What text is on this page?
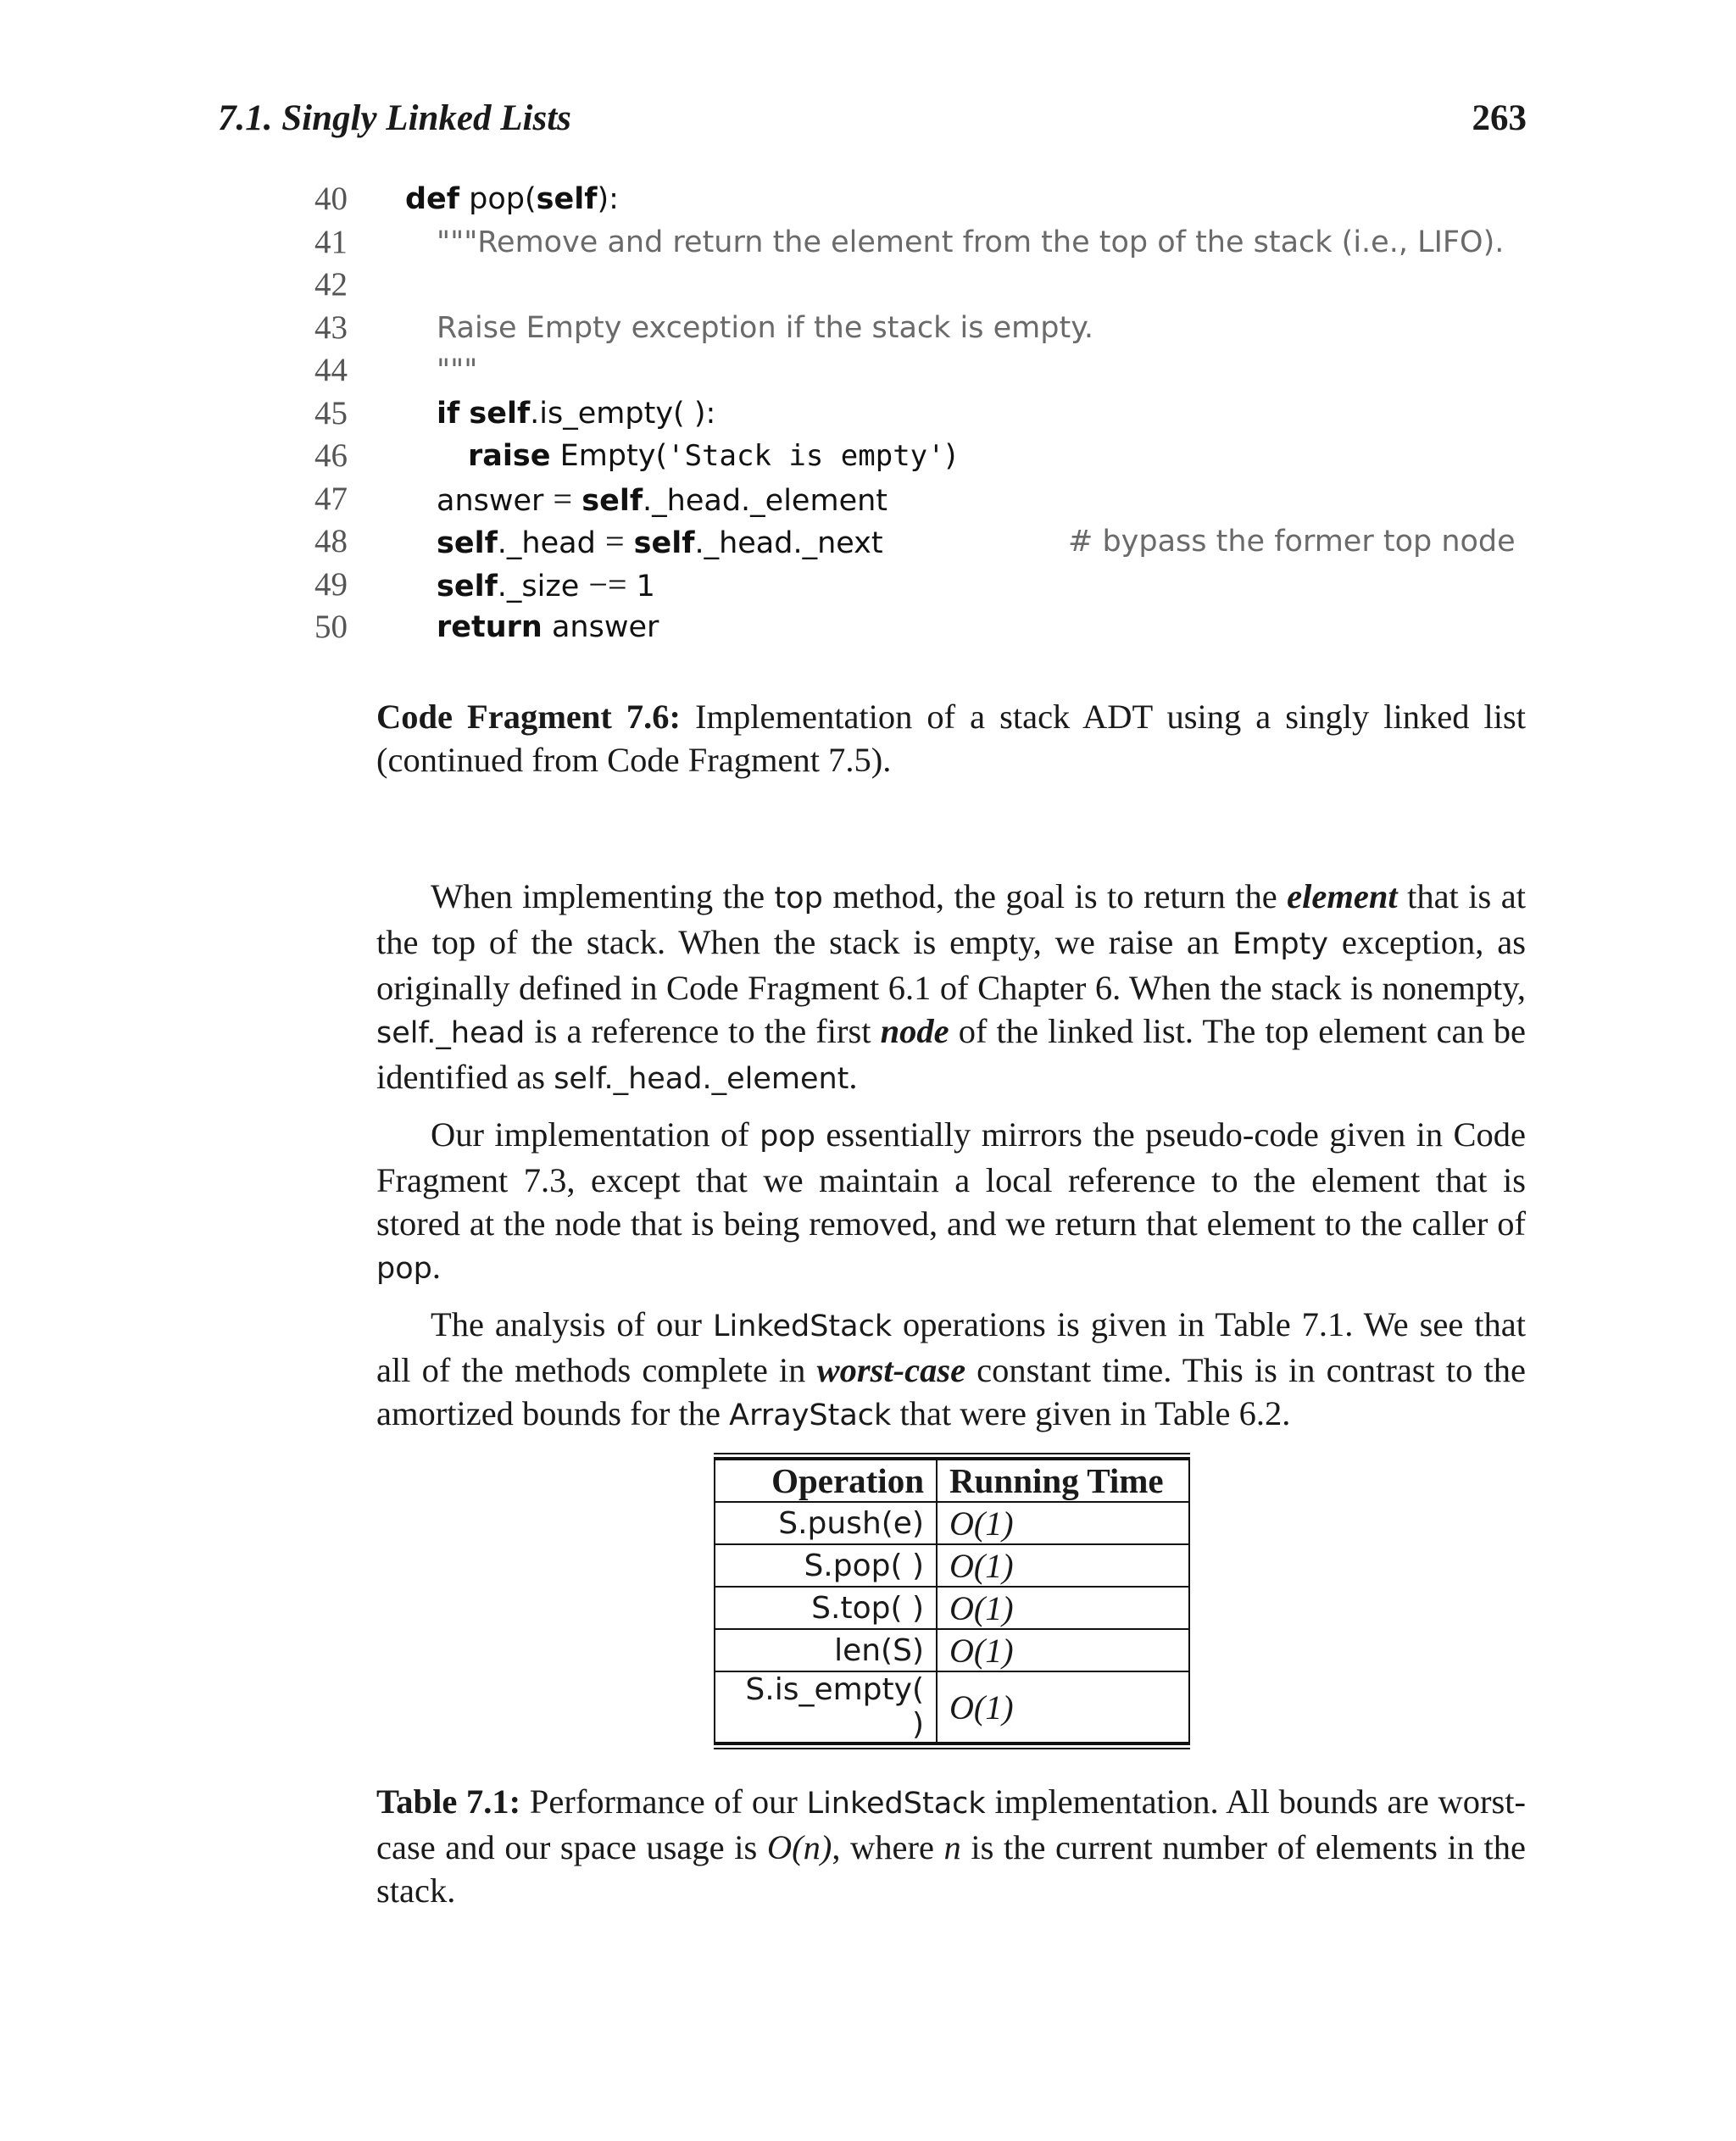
7.1. Singly Linked Lists	263
40 def pop(self):
41	"""Remove and return the element from the top of the stack (i.e., LIFO).
42
43	Raise Empty exception if the stack is empty.
44	"""
45	if self.is_empty( ):
46	raise Empty('Stack is empty')
47	answer = self._head._element
48	self._head = self._head._next	# bypass the former top node
49	self._size −= 1
50	return answer
Code Fragment 7.6: Implementation of a stack ADT using a singly linked list (continued from Code Fragment 7.5).

When implementing the top method, the goal is to return the element that is at the top of the stack. When the stack is empty, we raise an Empty exception, as originally defined in Code Fragment 6.1 of Chapter 6. When the stack is nonempty, self._head is a reference to the first node of the linked list. The top element can be identified as self._head._element.

Our implementation of pop essentially mirrors the pseudo-code given in Code Fragment 7.3, except that we maintain a local reference to the element that is stored at the node that is being removed, and we return that element to the caller of pop.

The analysis of our LinkedStack operations is given in Table 7.1. We see that all of the methods complete in worst-case constant time. This is in contrast to the amortized bounds for the ArrayStack that were given in Table 6.2.

Operation	Running Time
S.push(e)	O(1)
S.pop( )	O(1)
S.top( )	O(1)
len(S)	O(1)
S.is_empty( )	O(1)
Table 7.1: Performance of our LinkedStack implementation. All bounds are worst-case and our space usage is O(n), where n is the current number of elements in the stack.
